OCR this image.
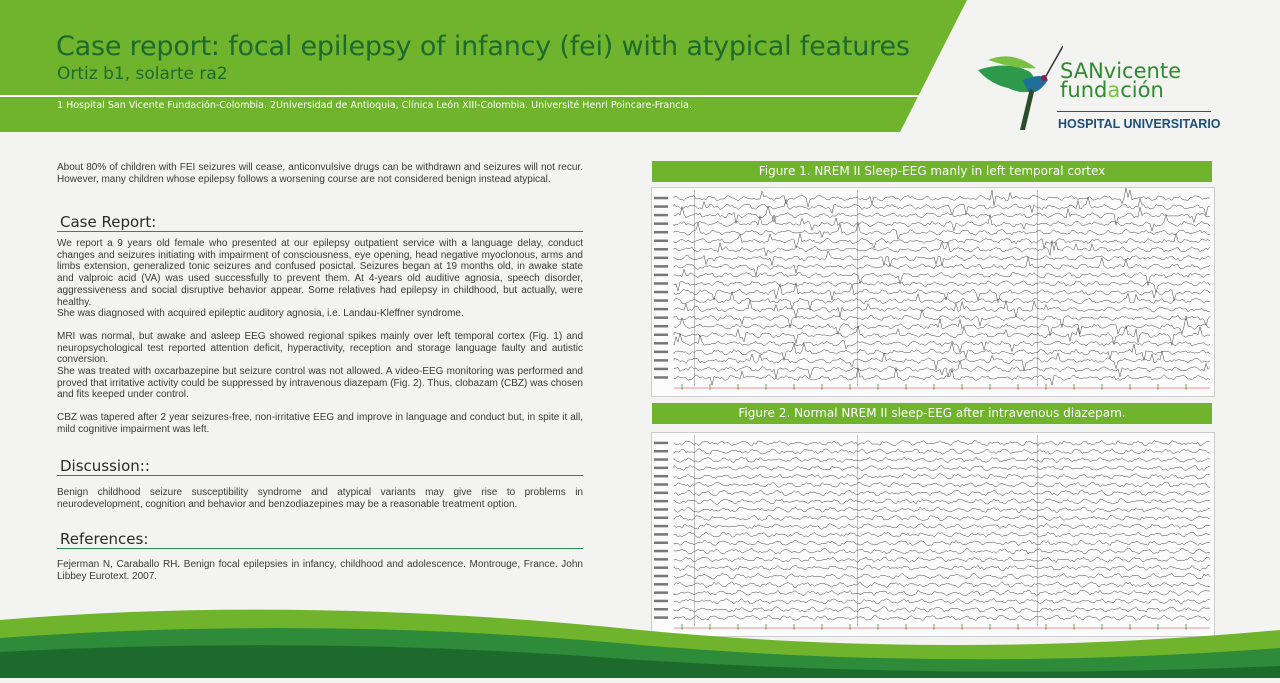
Case report: focal epilepsy of infancy (fei) with atypical features
Ortiz b1, solarte ra2
1 Hospital San Vicente Fundación-Colombia. 2Universidad de Antioquia, Clínica León XIII-Colombia. Université Henri Poincare-Francia.
SANvicente
fundación
HOSPITAL UNIVERSITARIO
About 80% of children with FEI seizures will cease, anticonvulsive drugs can be withdrawn and seizures will not recur. However, many children whose epilepsy follows a worsening course are not considered benign instead atypical.
Case Report:
We report a 9 years old female who presented at our epilepsy outpatient service with a language delay, conduct changes and seizures initiating with impairment of consciousness, eye opening, head negative myoclonous, arms and limbs extension, generalized tonic seizures and confused posictal. Seizures began at 19 months old, in awake state and valproic acid (VA) was used successfully to prevent them. At 4-years old auditive agnosia, speech disorder, aggressiveness and social disruptive behavior appear. Some relatives had epilepsy in childhood, but actually, were healthy.
She was diagnosed with acquired epileptic auditory agnosia, i.e. Landau-Kleffner syndrome.
MRI was normal, but awake and asleep EEG showed regional spikes mainly over left temporal cortex (Fig. 1) and neuropsychological test reported attention deficit, hyperactivity, reception and storage language faulty and autistic conversion.
She was treated with oxcarbazepine but seizure control was not allowed. A video-EEG monitoring was performed and proved that irritative activity could be suppressed by intravenous diazepam (Fig. 2). Thus, clobazam (CBZ) was chosen and fits keeped under control.
CBZ was tapered after 2 year seizures-free, non-irritative EEG and improve in language and conduct but, in spite it all, mild cognitive impairment was left.
Discussion::
Benign childhood seizure susceptibility syndrome and atypical variants may give rise to problems in neurodevelopment, cognition and behavior and benzodiazepines may be a reasonable treatment option.
References:
Fejerman N, Caraballo RH. Benign focal epilepsies in infancy, childhood and adolescence. Montrouge, France. John Libbey Eurotext. 2007.
Figure 1. NREM II Sleep-EEG manly in left temporal cortex
Figure 2. Normal NREM II sleep-EEG after intravenous diazepam.
